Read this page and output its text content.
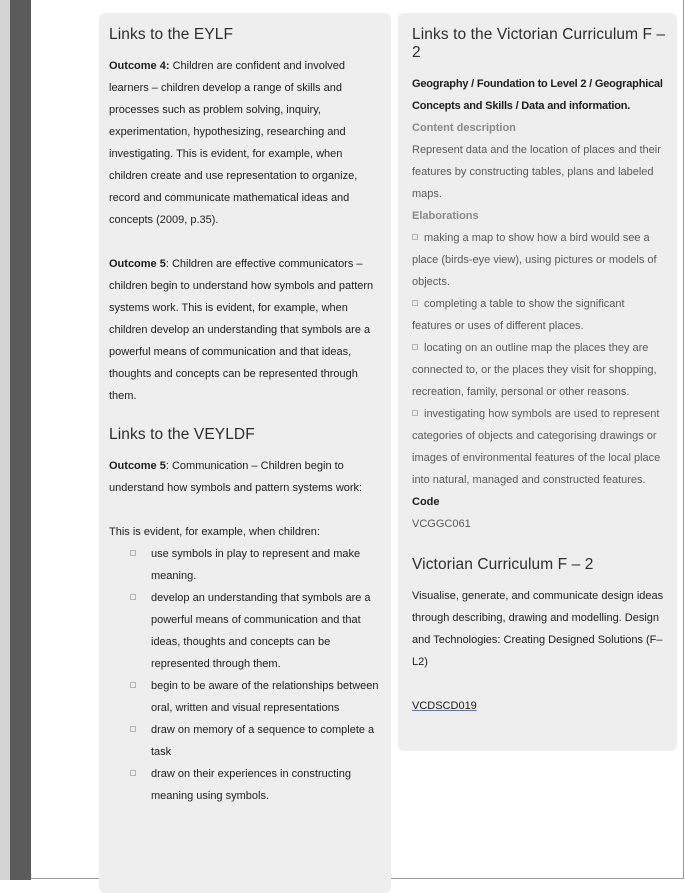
Links to the EYLF

Outcome 4: Children are confident and involved learners – children develop a range of skills and processes such as problem solving, inquiry, experimentation, hypothesizing, researching and investigating. This is evident, for example, when children create and use representation to organize, record and communicate mathematical ideas and concepts (2009, p.35).

Outcome 5: Children are effective communicators – children begin to understand how symbols and pattern systems work. This is evident, for example, when children develop an understanding that symbols are a powerful means of communication and that ideas, thoughts and concepts can be represented through them.

Links to the VEYLDF

Outcome 5: Communication – Children begin to understand how symbols and pattern systems work:

This is evident, for example, when children:

use symbols in play to represent and make meaning.
develop an understanding that symbols are a powerful means of communication and that ideas, thoughts and concepts can be represented through them.
begin to be aware of the relationships between oral, written and visual representations
draw on memory of a sequence to complete a task
draw on their experiences in constructing meaning using symbols.
Links to the Victorian Curriculum F – 2

Geography / Foundation to Level 2 / Geographical Concepts and Skills / Data and information.

Content description

Represent data and the location of places and their features by constructing tables, plans and labeled maps.

Elaborations

making a map to show how a bird would see a place (birds-eye view), using pictures or models of objects.
completing a table to show the significant features or uses of different places.
locating on an outline map the places they are connected to, or the places they visit for shopping, recreation, family, personal or other reasons.
investigating how symbols are used to represent categories of objects and categorising drawings or images of environmental features of the local place into natural, managed and constructed features.

Code

VCGGC061

Victorian Curriculum F – 2

Visualise, generate, and communicate design ideas through describing, drawing and modelling. Design and Technologies: Creating Designed Solutions (F–L2)

VCDSCD019
